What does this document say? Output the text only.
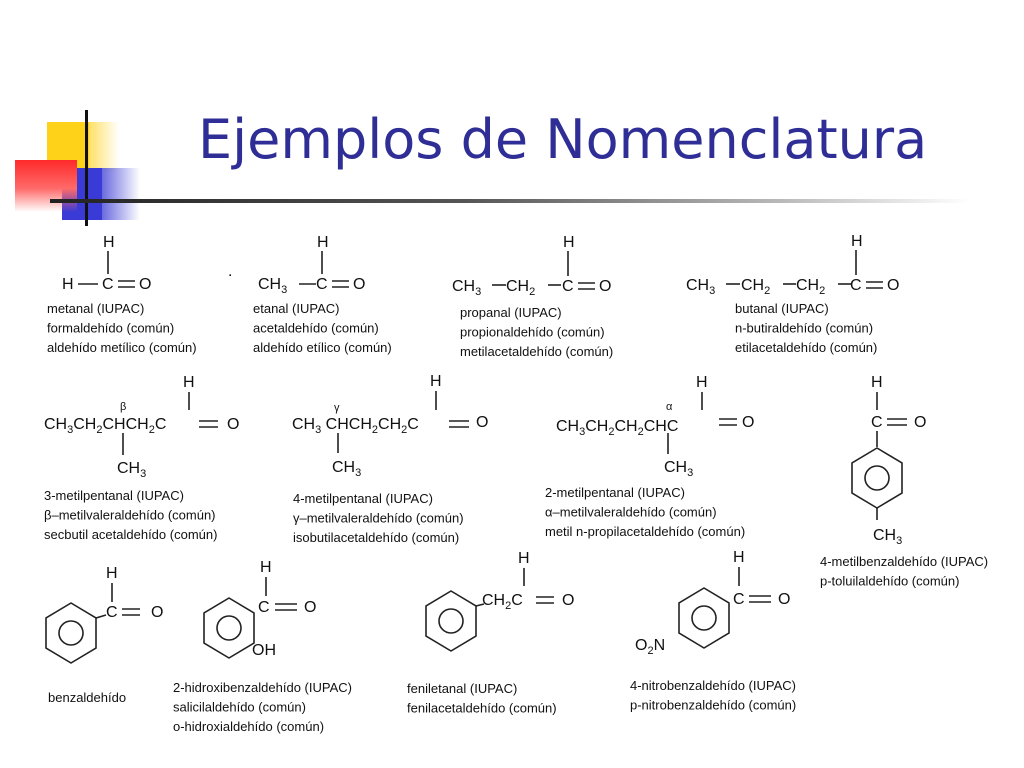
Ejemplos de Nomenclatura
H
H
C O
metanal (IUPAC)
formaldehído (común)
aldehído metílico (común)
.
$CH_3$
H
C O
etanal (IUPAC)
acetaldehído (común)
aldehído etílico (común)
$CH_3$ $CH_2$
H
C O
propanal (IUPAC)
propionaldehído (común)
metilacetaldehído (común)
$CH_3$ $CH_2$ $CH_2$
H
C O
butanal (IUPAC)
n-butiraldehído (común)
etilacetaldehído (común)
$CH_3CH_2CHCH_2C$
β
H
O
$CH_3$
3-metilpentanal (IUPAC)
β–metilvaleraldehído (común)
secbutil acetaldehído (común)
$CH_3$ $CHCH_2CH_2C$
γ
H
O
$CH_3$
4-metilpentanal (IUPAC)
γ–metilvaleraldehído (común)
isobutilacetaldehído (común)
$CH_3CH_2CH_2CHC$
α
H
O
$CH_3$
2-metilpentanal (IUPAC)
α–metilvaleraldehído (común)
metil n-propilacetaldehído (común)
H
C O
$CH_3$
4-metilbenzaldehído (IUPAC)
p-toluilaldehído (común)
H
C O
benzaldehído
H
C O
OH
2-hidroxibenzaldehído (IUPAC)
salicilaldehído (común)
o-hidroxialdehído (común)
$CH_2C$
H
O
feniletanal (IUPAC)
fenilacetaldehído (común)
H
C O
$O_2N$
4-nitrobenzaldehído (IUPAC)
p-nitrobenzaldehído (común)
